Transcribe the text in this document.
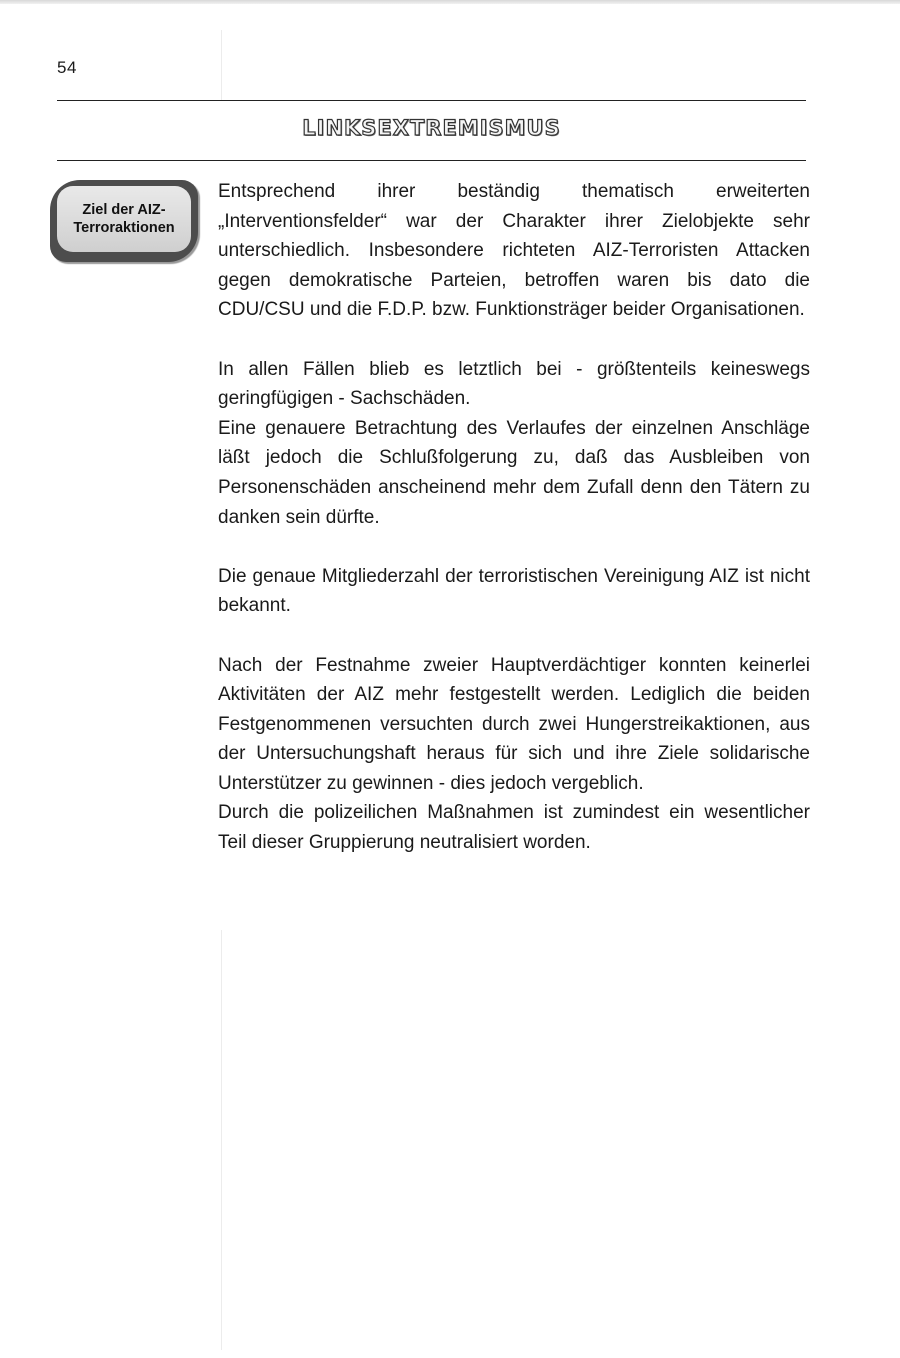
54
LINKSEXTREMISMUS
Ziel der AIZ-
Terroraktionen

Entsprechend ihrer beständig thematisch erweiterten „Interventionsfelder“ war der Charakter ihrer Zielobjekte sehr unterschiedlich. Insbesondere richteten AIZ-Terroristen Attacken gegen demokratische Parteien, betroffen waren bis dato die CDU/CSU und die F.D.P. bzw. Funktionsträger beider Organisationen.

In allen Fällen blieb es letztlich bei - größtenteils keineswegs geringfügigen - Sachschäden.

Eine genauere Betrachtung des Verlaufes der einzelnen Anschläge läßt jedoch die Schlußfolgerung zu, daß das Ausbleiben von Personenschäden anscheinend mehr dem Zufall denn den Tätern zu danken sein dürfte.

Die genaue Mitgliederzahl der terroristischen Vereinigung AIZ ist nicht bekannt.

Nach der Festnahme zweier Hauptverdächtiger konnten keinerlei Aktivitäten der AIZ mehr festgestellt werden. Lediglich die beiden Festgenommenen versuchten durch zwei Hungerstreikaktionen, aus der Untersuchungshaft heraus für sich und ihre Ziele solidarische Unterstützer zu gewinnen - dies jedoch vergeblich.

Durch die polizeilichen Maßnahmen ist zumindest ein wesentlicher Teil dieser Gruppierung neutralisiert worden.
